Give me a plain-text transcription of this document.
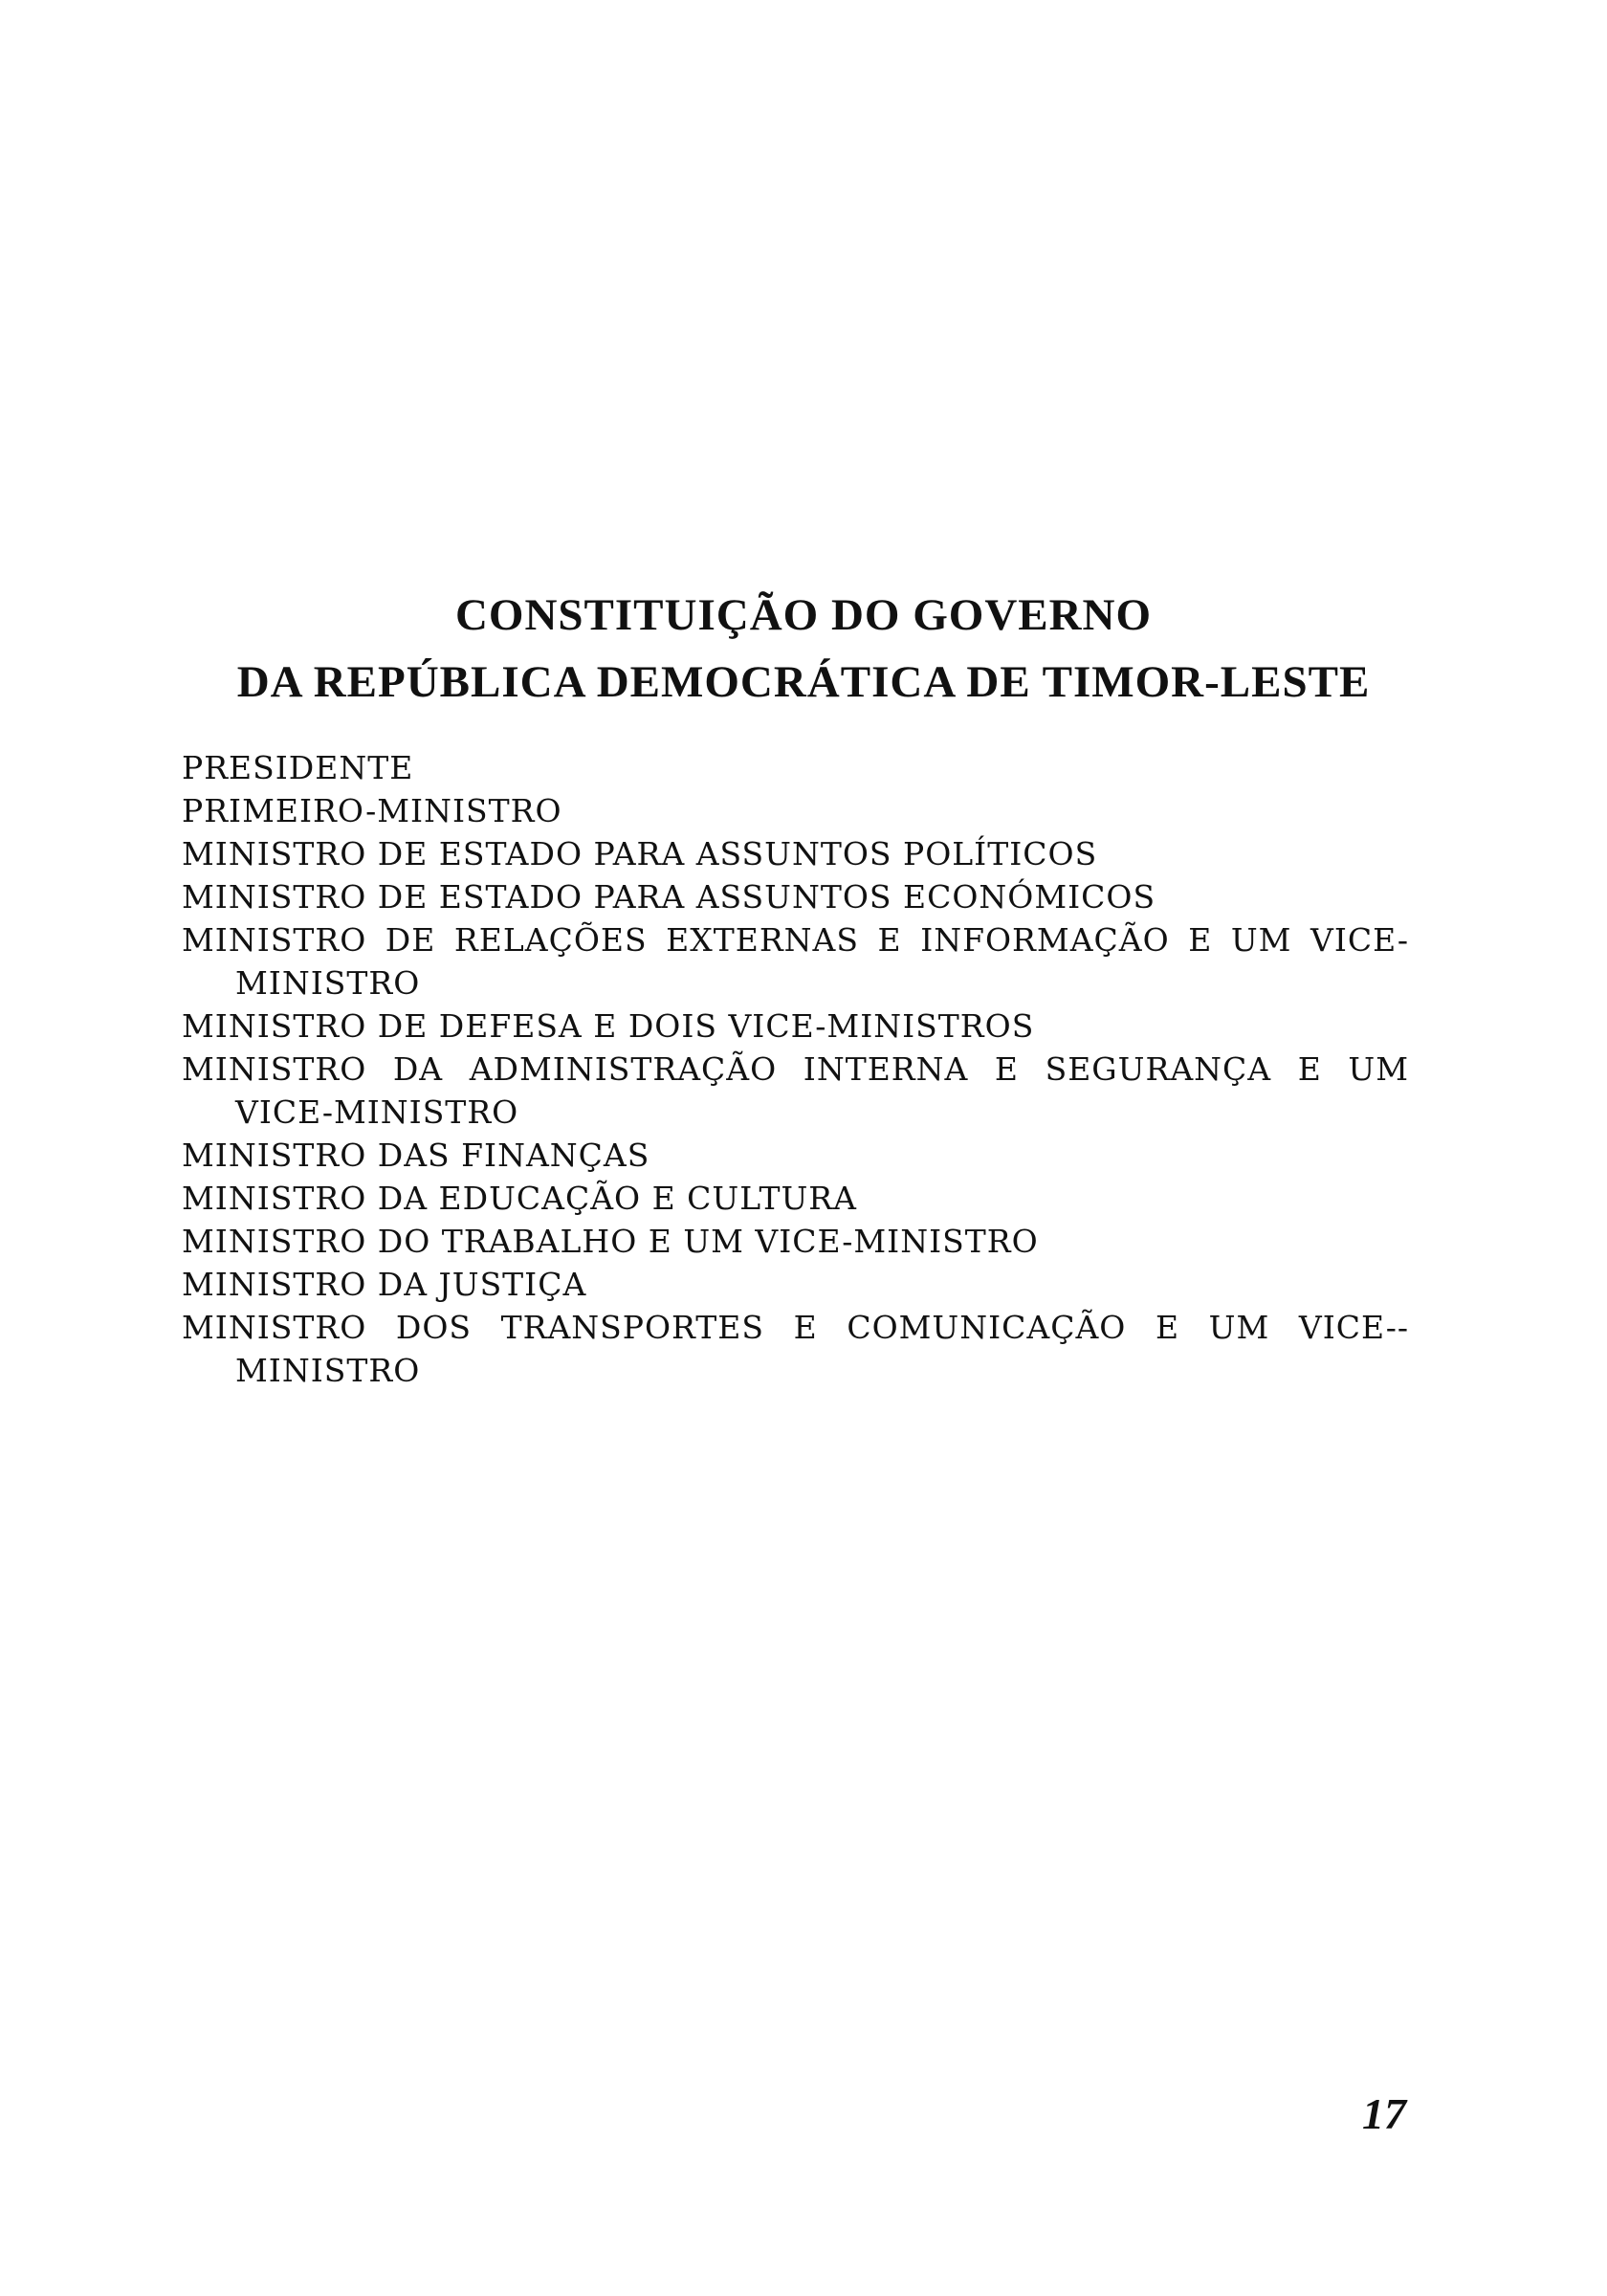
CONSTITUIÇÃO DO GOVERNO
DA REPÚBLICA DEMOCRÁTICA DE TIMOR-LESTE
PRESIDENTE
PRIMEIRO-MINISTRO
MINISTRO DE ESTADO PARA ASSUNTOS POLÍTICOS
MINISTRO DE ESTADO PARA ASSUNTOS ECONÓMICOS
MINISTRO DE RELAÇÕES EXTERNAS E INFORMAÇÃO E UM VICE-MINISTRO
MINISTRO DE DEFESA E DOIS VICE-MINISTROS
MINISTRO DA ADMINISTRAÇÃO INTERNA E SEGURANÇA E UM VICE-MINISTRO
MINISTRO DAS FINANÇAS
MINISTRO DA EDUCAÇÃO E CULTURA
MINISTRO DO TRABALHO E UM VICE-MINISTRO
MINISTRO DA JUSTIÇA
MINISTRO DOS TRANSPORTES E COMUNICAÇÃO E UM VICE--MINISTRO
17
